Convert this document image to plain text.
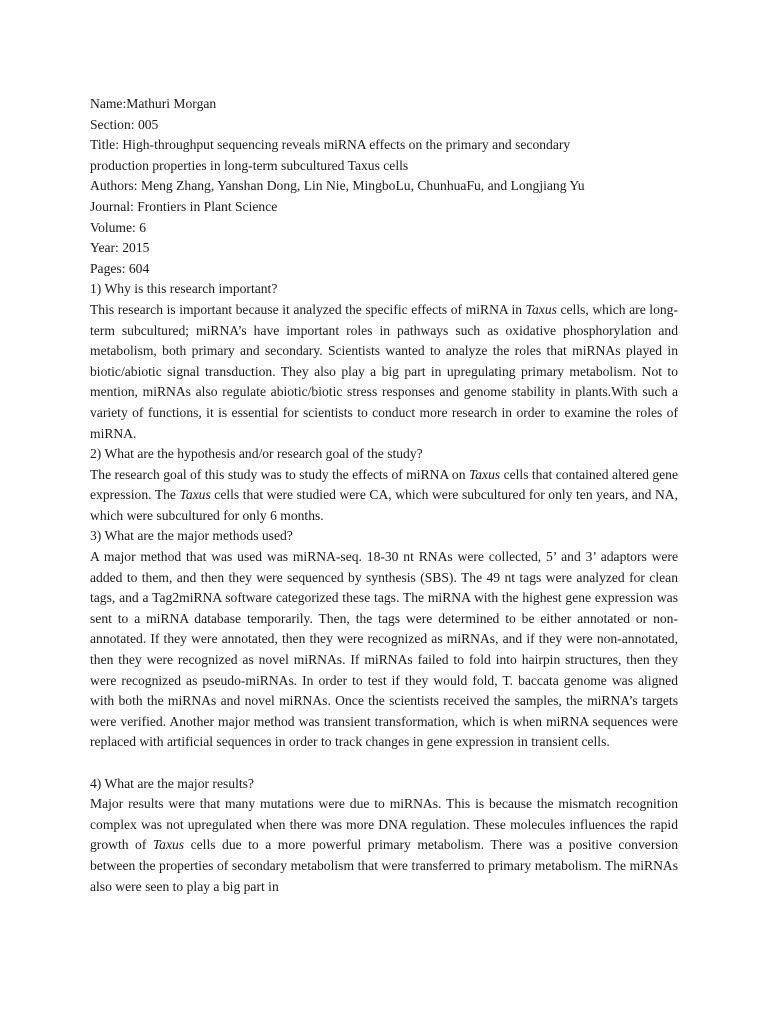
Name:Mathuri Morgan
Section: 005
Title: High-throughput sequencing reveals miRNA effects on the primary and secondary
production properties in long-term subcultured Taxus cells
Authors: Meng Zhang, Yanshan Dong, Lin Nie, MingboLu, ChunhuaFu, and Longjiang Yu
Journal: Frontiers in Plant Science
Volume: 6
Year: 2015
Pages: 604
1) Why is this research important?

This research is important because it analyzed the specific effects of miRNA in Taxus cells, which are long-term subcultured; miRNA’s have important roles in pathways such as oxidative phosphorylation and metabolism, both primary and secondary. Scientists wanted to analyze the roles that miRNAs played in biotic/abiotic signal transduction. They also play a big part in upregulating primary metabolism. Not to mention, miRNAs also regulate abiotic/biotic stress responses and genome stability in plants.With such a variety of functions, it is essential for scientists to conduct more research in order to examine the roles of miRNA.

2) What are the hypothesis and/or research goal of the study?

The research goal of this study was to study the effects of miRNA on Taxus cells that contained altered gene expression. The Taxus cells that were studied were CA, which were subcultured for only ten years, and NA, which were subcultured for only 6 months.

3) What are the major methods used?

A major method that was used was miRNA-seq. 18-30 nt RNAs were collected, 5’ and 3’ adaptors were added to them, and then they were sequenced by synthesis (SBS). The 49 nt tags were analyzed for clean tags, and a Tag2miRNA software categorized these tags. The miRNA with the highest gene expression was sent to a miRNA database temporarily. Then, the tags were determined to be either annotated or non-annotated. If they were annotated, then they were recognized as miRNAs, and if they were non-annotated, then they were recognized as novel miRNAs. If miRNAs failed to fold into hairpin structures, then they were recognized as pseudo-miRNAs. In order to test if they would fold, T. baccata genome was aligned with both the miRNAs and novel miRNAs. Once the scientists received the samples, the miRNA’s targets were verified. Another major method was transient transformation, which is when miRNA sequences were replaced with artificial sequences in order to track changes in gene expression in transient cells.

4) What are the major results?

Major results were that many mutations were due to miRNAs. This is because the mismatch recognition complex was not upregulated when there was more DNA regulation. These molecules influences the rapid growth of Taxus cells due to a more powerful primary metabolism. There was a positive conversion between the properties of secondary metabolism that were transferred to primary metabolism. The miRNAs also were seen to play a big part in
